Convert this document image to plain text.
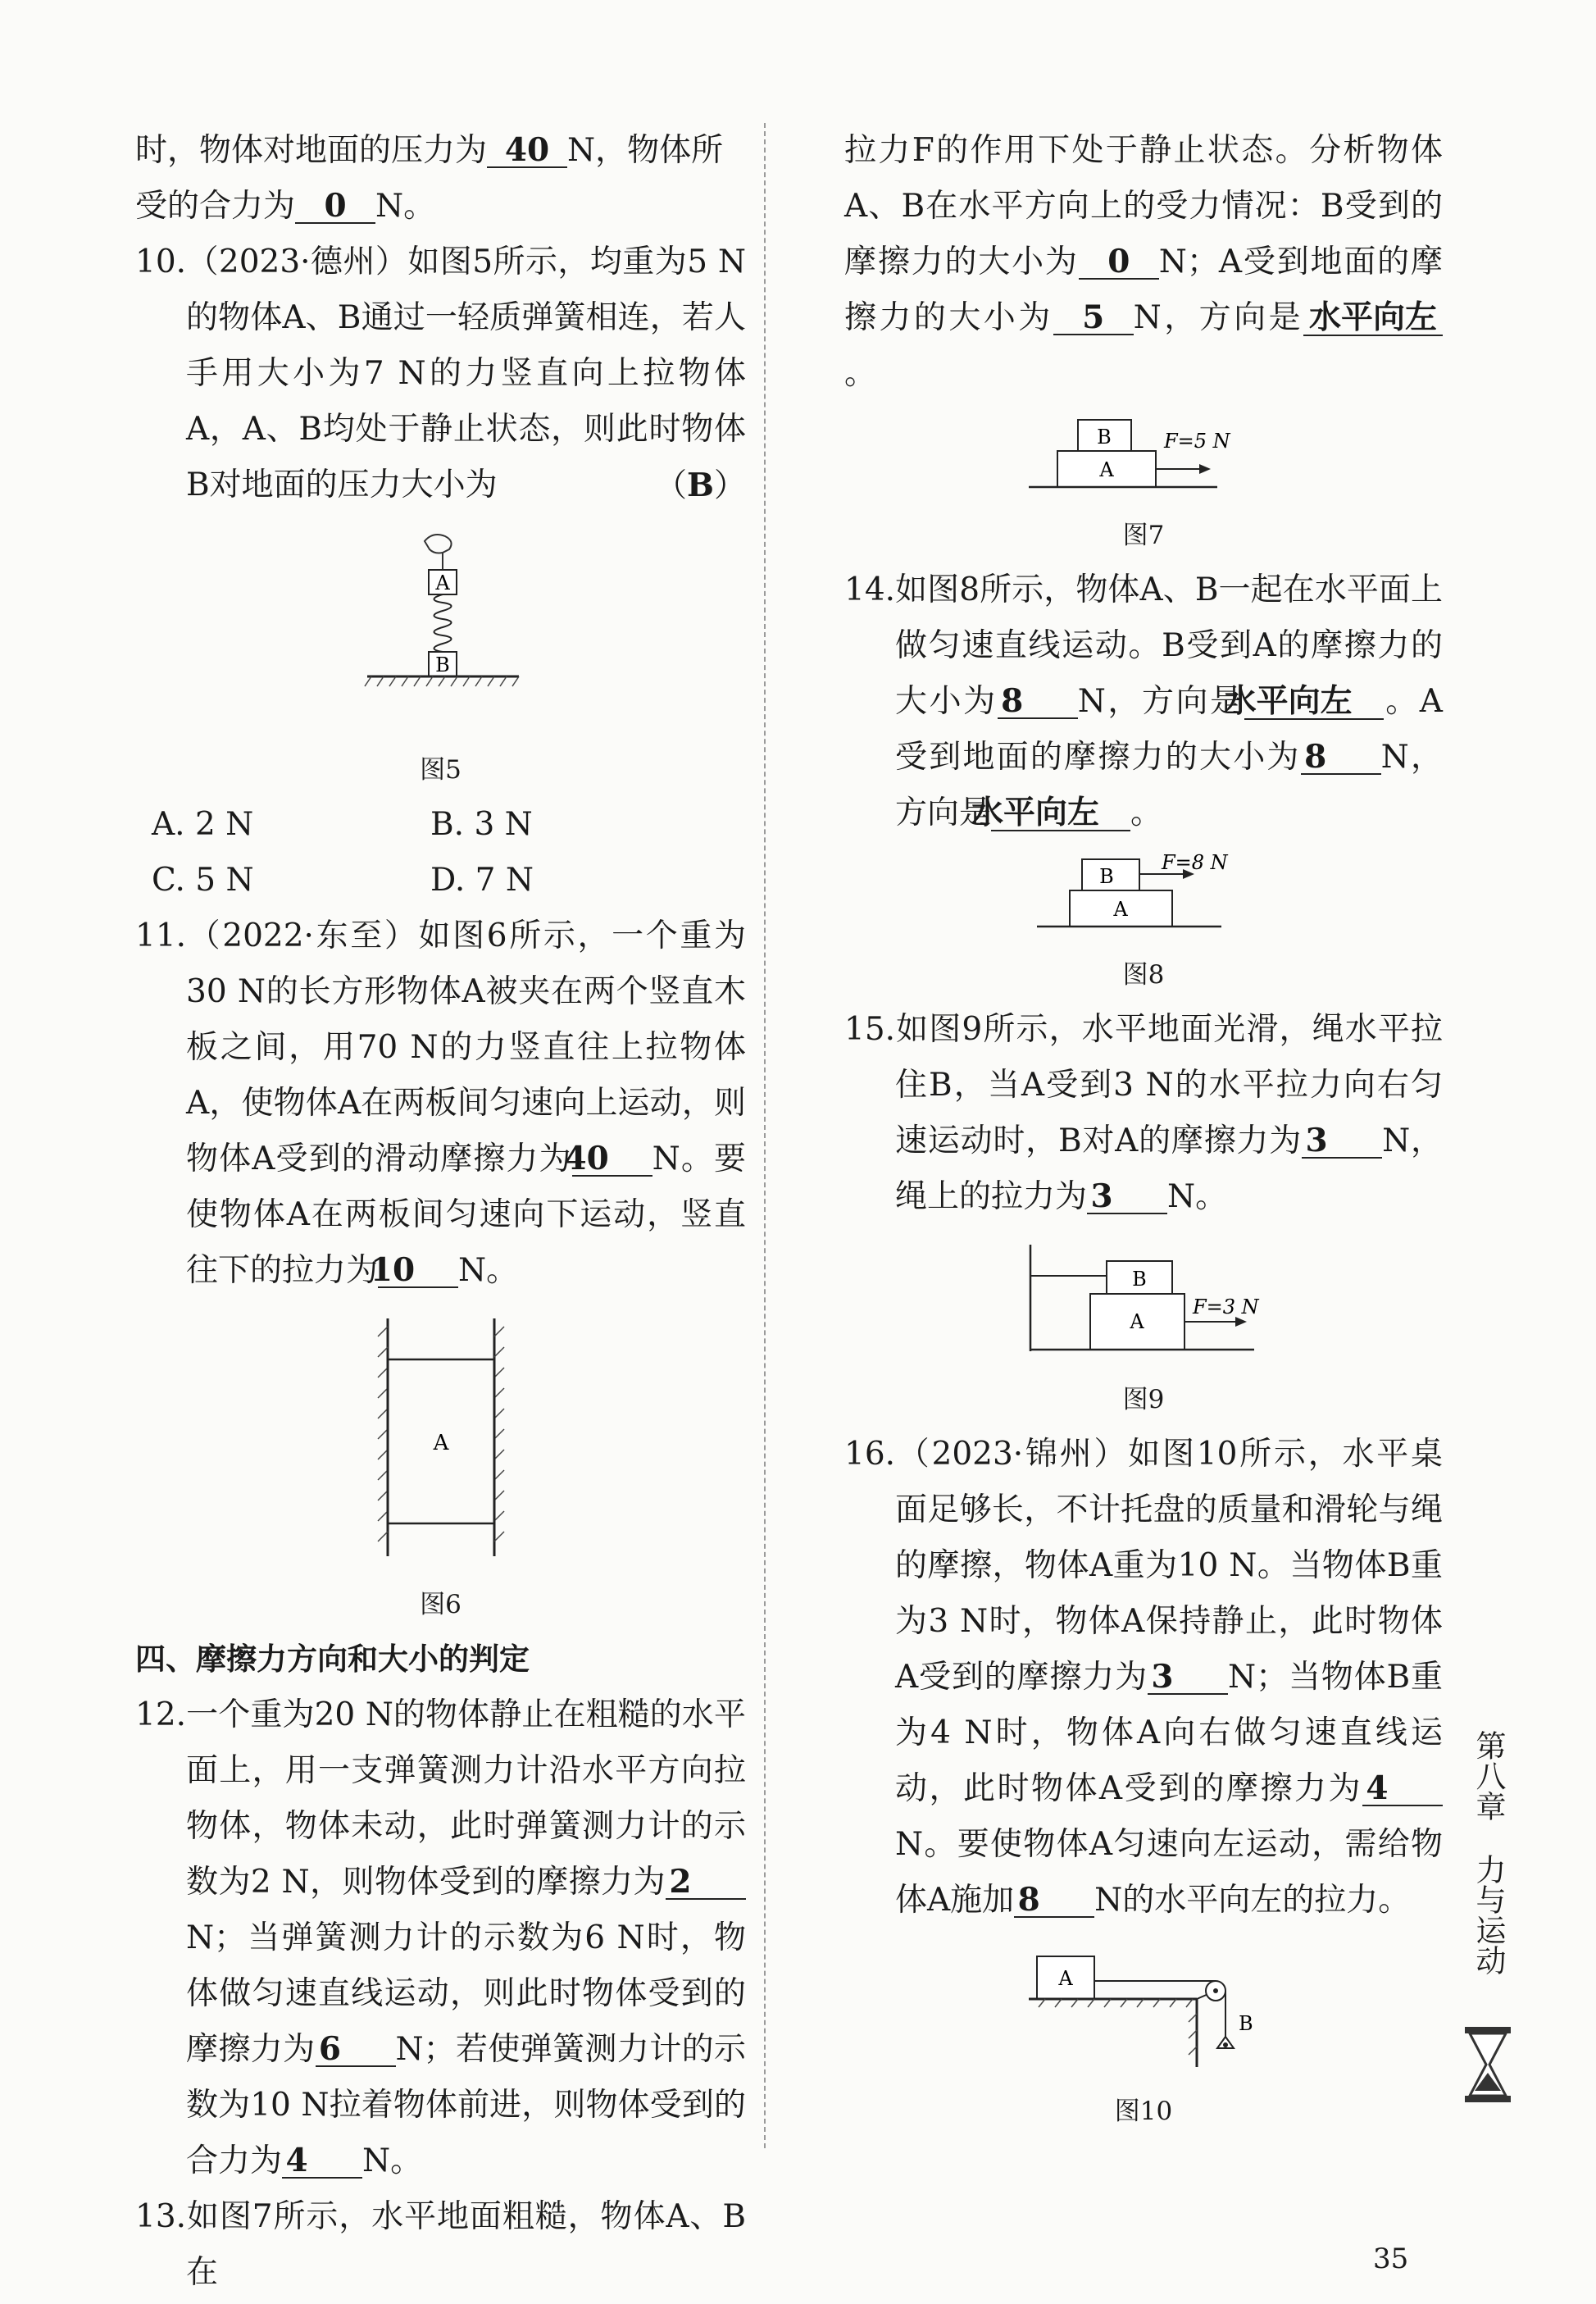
时，物体对地面的压力为 40 N，物体所
受的合力为 0 N。

10.（2023·德州）如图5所示，均重为5 N的物体A、B通过一轻质弹簧相连，若人手用大小为7 N的力竖直向上拉物体A，A、B均处于静止状态，则此时物体B对地面的压力大小为	（B）

A
B
图5
A. 2 N	B. 3 N
C. 5 N	D. 7 N

11.（2022·东至）如图6所示，一个重为30 N的长方形物体A被夹在两个竖直木板之间，用70 N的力竖直往上拉物体A，使物体A在两板间匀速向上运动，则物体A受到的滑动摩擦力为40 N。要使物体A在两板间匀速向下运动，竖直往下的拉力为10 N。

A
图6

四、摩擦力方向和大小的判定

12.一个重为20 N的物体静止在粗糙的水平面上，用一支弹簧测力计沿水平方向拉物体，物体未动，此时弹簧测力计的示数为2 N，则物体受到的摩擦力为 2N；当弹簧测力计的示数为6 N时，物体做匀速直线运动，则此时物体受到的摩擦力为 6 N；若使弹簧测力计的示数为10 N拉着物体前进，则物体受到的合力为 4 N。

13.如图7所示，水平地面粗糙，物体A、B在

拉力F的作用下处于静止状态。分析物体A、B在水平方向上的受力情况：B受到的摩擦力的大小为 0 N；A受到地面的摩擦力的大小为 5 N，方向是 水平向左。

B
A
F=5 N
图7

14.如图8所示，物体A、B一起在水平面上做匀速直线运动。B受到A的摩擦力的大小为 8 N，方向是水平向左 。A受到地面的摩擦力的大小为 8 N，方向是水平向左 。

B
A
F=8 N
图8

15.如图9所示，水平地面光滑，绳水平拉住B，当A受到3 N的水平拉力向右匀速运动时，B对A的摩擦力为 3 N，绳上的拉力为 3 N。

B
A
F=3 N
图9

16.（2023·锦州）如图10所示，水平桌面足够长，不计托盘的质量和滑轮与绳的摩擦，物体A重为10 N。当物体B重为3 N时，物体A保持静止，此时物体A受到的摩擦力为 3 N；当物体B重为4 N时，物体A向右做匀速直线运动，此时物体A受到的摩擦力为 4N。要使物体A匀速向左运动，需给物体A施加 8 N的水平向左的拉力。

A
B
图10
第八章
力与运动
35
